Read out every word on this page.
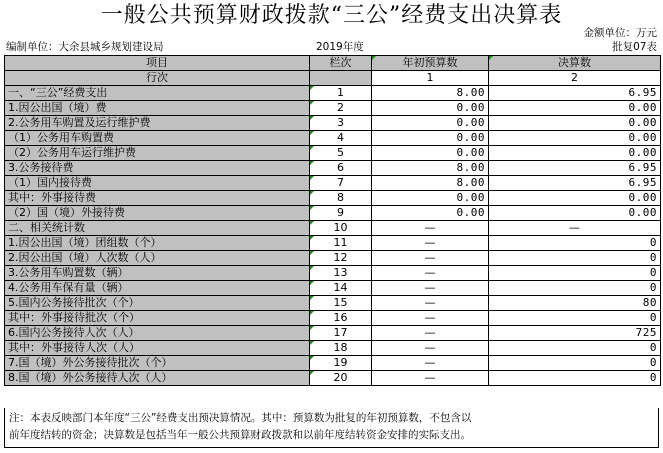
一般公共预算财政拨款“三公”经费支出决算表
金额单位：万元
编制单位：大余县城乡规划建设局	2019年度	批复07表
项目	栏次	年初预算数	决算数
行次		1	2
一、“三公”经费支出	1	8.00	6.95
1.因公出国（境）费	2	0.00	0.00
2.公务用车购置及运行维护费	3	0.00	0.00
（1）公务用车购置费	4	0.00	0.00
（2）公务用车运行维护费	5	0.00	0.00
3.公务接待费	6	8.00	6.95
（1）国内接待费	7	8.00	6.95
其中：外事接待费	8	0.00	0.00
（2）国（境）外接待费	9	0.00	0.00
二、相关统计数	10	—	—
1.因公出国（境）团组数（个）	11	—	0
2.因公出国（境）人次数（人）	12	—	0
3.公务用车购置数（辆）	13	—	0
4.公务用车保有量（辆）	14	—	0
5.国内公务接待批次（个）	15	—	80
其中：外事接待批次（个）	16	—	0
6.国内公务接待人次（人）	17	—	725
其中：外事接待人次（人）	18	—	0
7.国（境）外公务接待批次（个）	19	—	0
8.国（境）外公务接待人次（人）	20	—	0
注：本表反映部门本年度“三公”经费支出预决算情况。其中：预算数为批复的年初预算数，不包含以
前年度结转的资金；决算数是包括当年一般公共预算财政拨款和以前年度结转资金安排的实际支出。
